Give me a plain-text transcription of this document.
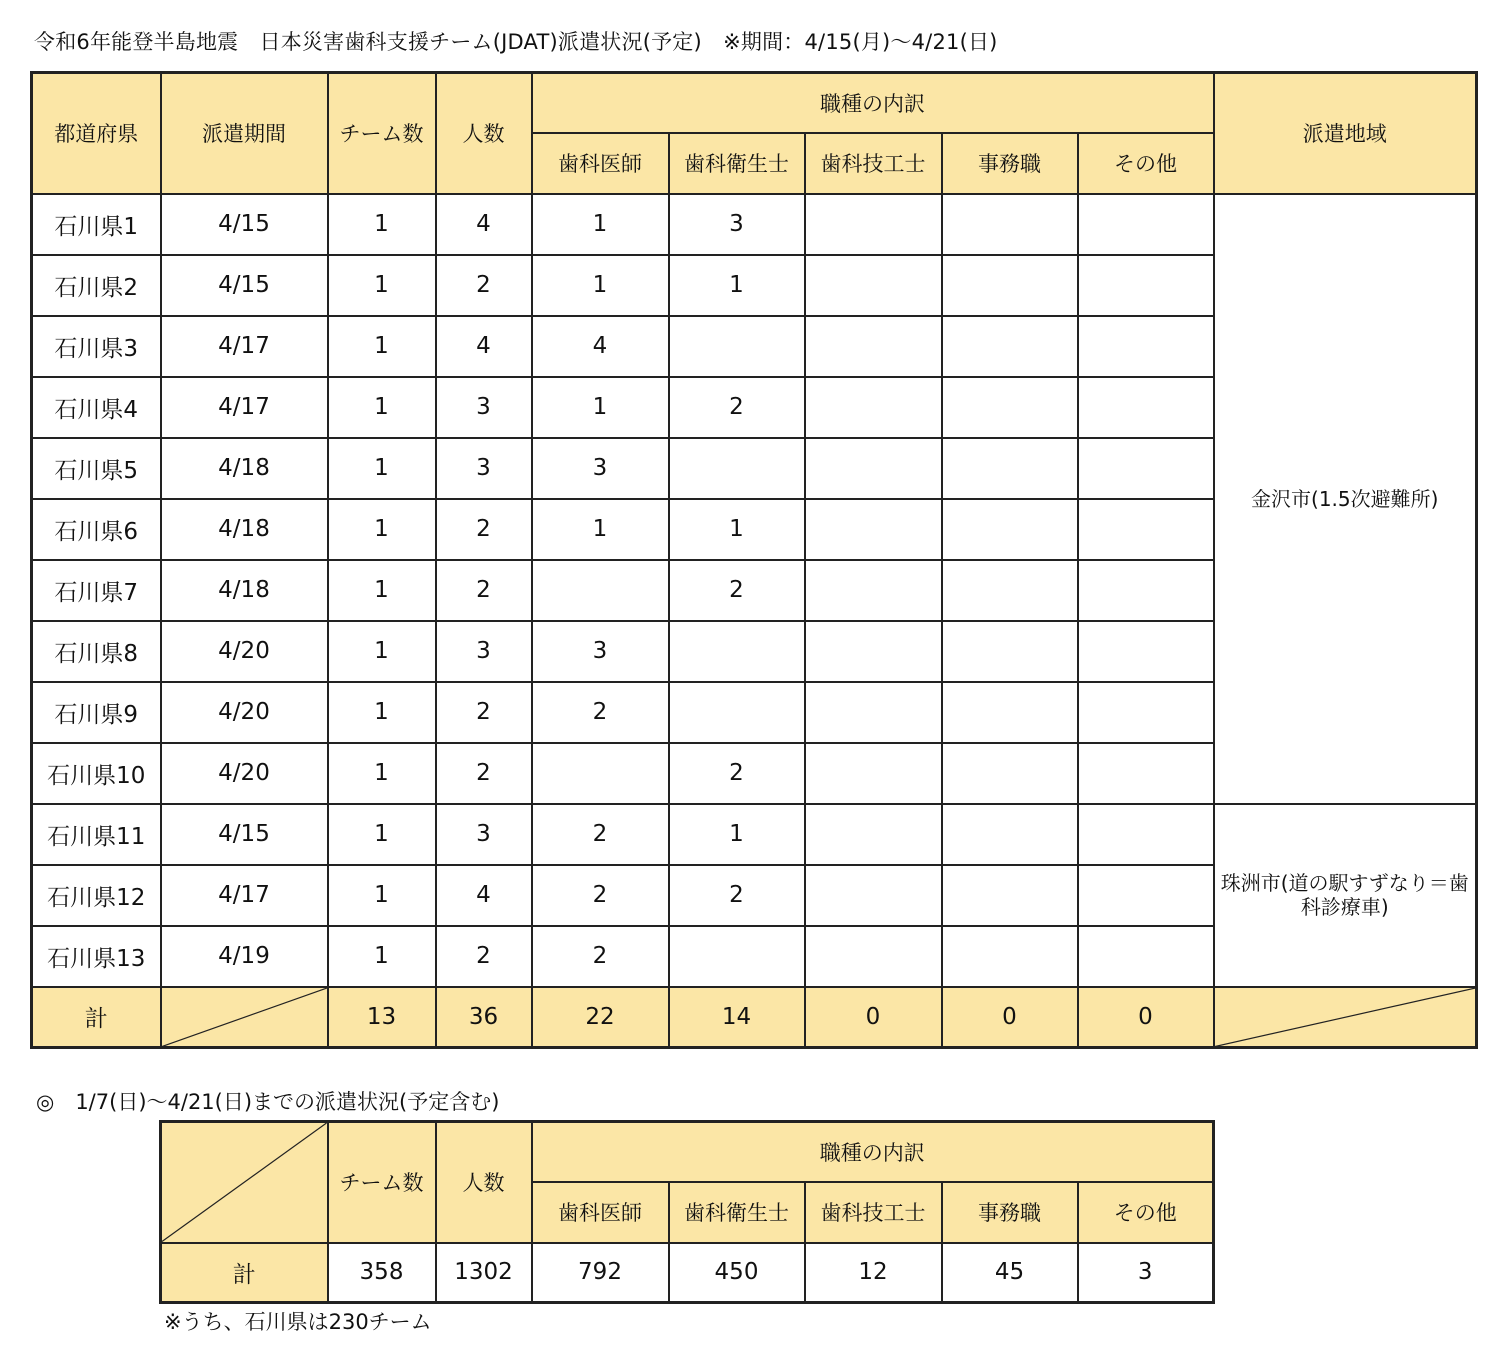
令和6年能登半島地震　日本災害歯科支援チーム(JDAT)派遣状況(予定)　※期間：4/15(月)～4/21(日)
都道府県	派遣期間	チーム数	人数	職種の内訳					派遣地域
				歯科医師	歯科衛生士	歯科技工士	事務職	その他	
石川県1	4/15	1	4	1	3				金沢市(1.5次避難所)
石川県2	4/15	1	2	1	1				
石川県3	4/17	1	4	4					
石川県4	4/17	1	3	1	2				
石川県5	4/18	1	3	3					
石川県6	4/18	1	2	1	1				
石川県7	4/18	1	2		2				
石川県8	4/20	1	3	3					
石川県9	4/20	1	2	2					
石川県10	4/20	1	2		2				
石川県11	4/15	1	3	2	1				珠洲市(道の駅すずなり＝歯科診療車)
石川県12	4/17	1	4	2	2				
石川県13	4/19	1	2	2					
計		13	36	22	14	0	0	0	
◎　1/7(日)～4/21(日)までの派遣状況(予定含む)
	チーム数	人数	職種の内訳				
			歯科医師	歯科衛生士	歯科技工士	事務職	その他
計	358	1302	792	450	12	45	3
※うち、石川県は230チーム
